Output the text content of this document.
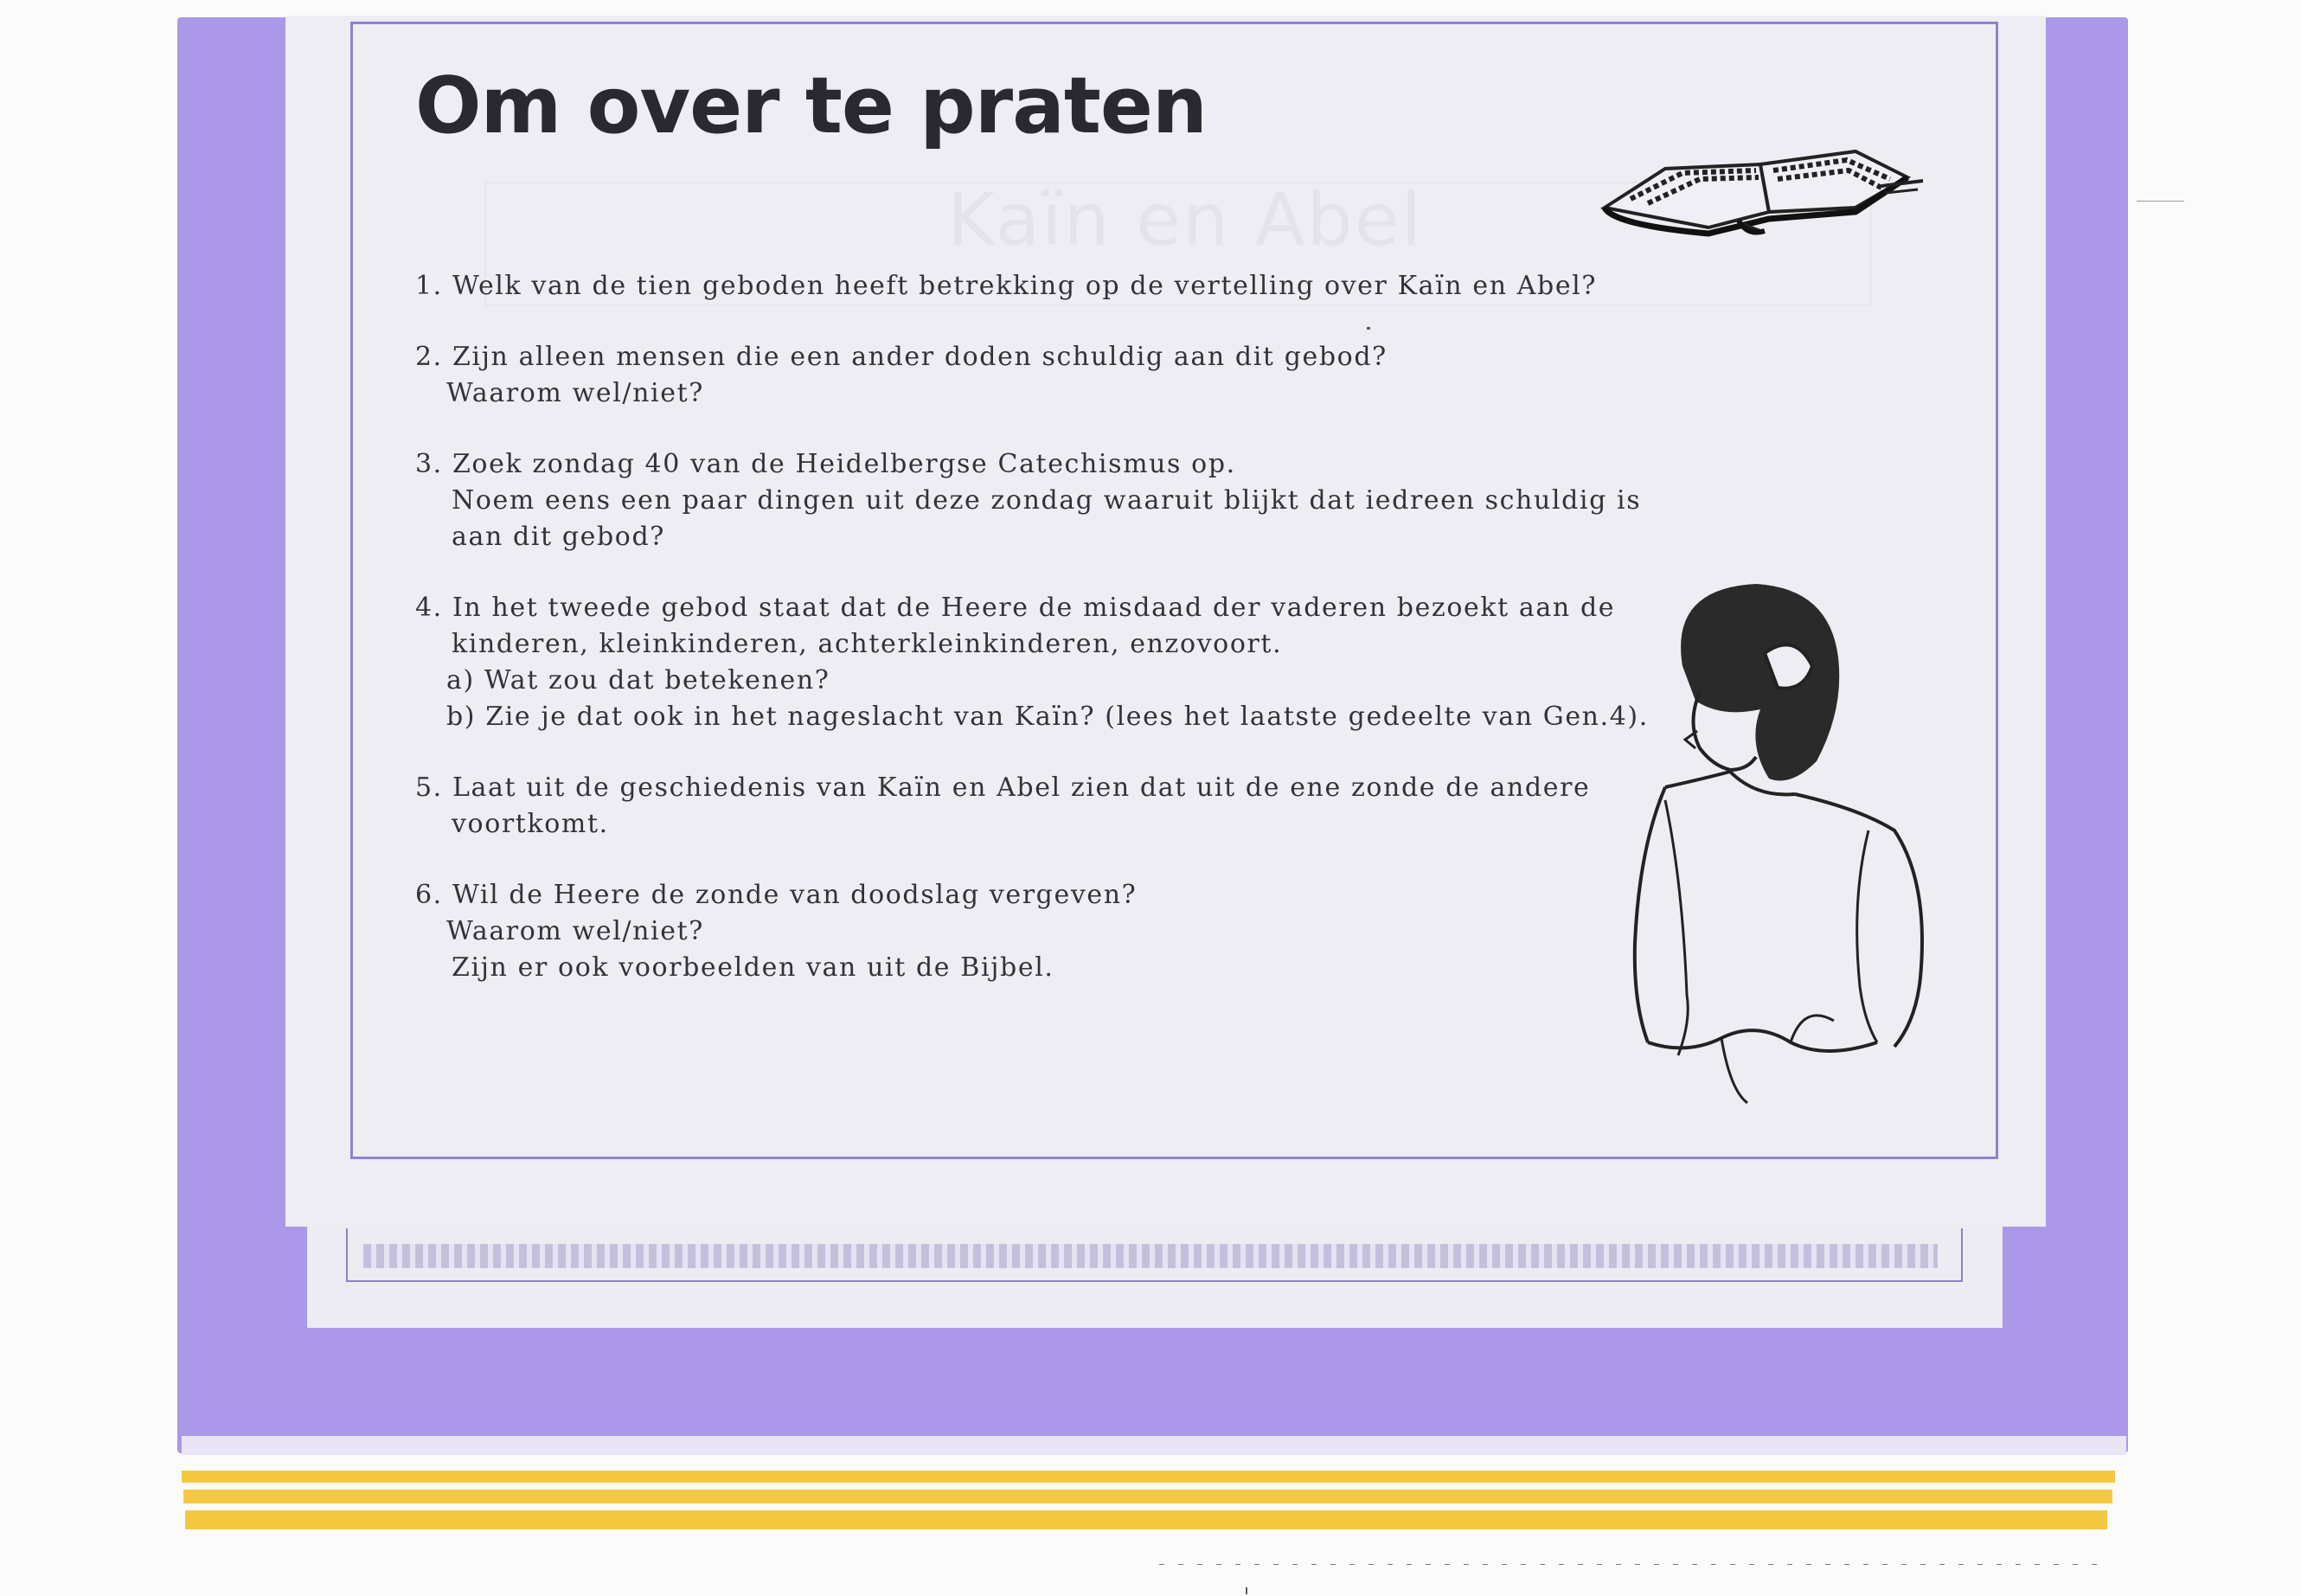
Kaïn en Abel
Om over te praten
1. Welk van de tien geboden heeft betrekking op de vertelling over Kaïn en Abel?
2. Zijn alleen mensen die een ander doden schuldig aan dit gebod?
Waarom wel/niet?
3. Zoek zondag 40 van de Heidelbergse Catechismus op.
Noem eens een paar dingen uit deze zondag waaruit blijkt dat iedreen schuldig is
aan dit gebod?
4. In het tweede gebod staat dat de Heere de misdaad der vaderen bezoekt aan de
kinderen, kleinkinderen, achterkleinkinderen, enzovoort.
a) Wat zou dat betekenen?
b) Zie je dat ook in het nageslacht van Kaïn? (lees het laatste gedeelte van Gen.4).
5. Laat uit de geschiedenis van Kaïn en Abel zien dat uit de ene zonde de andere
voortkomt.
6. Wil de Heere de zonde van doodslag vergeven?
Waarom wel/niet?
Zijn er ook voorbeelden van uit de Bijbel.
